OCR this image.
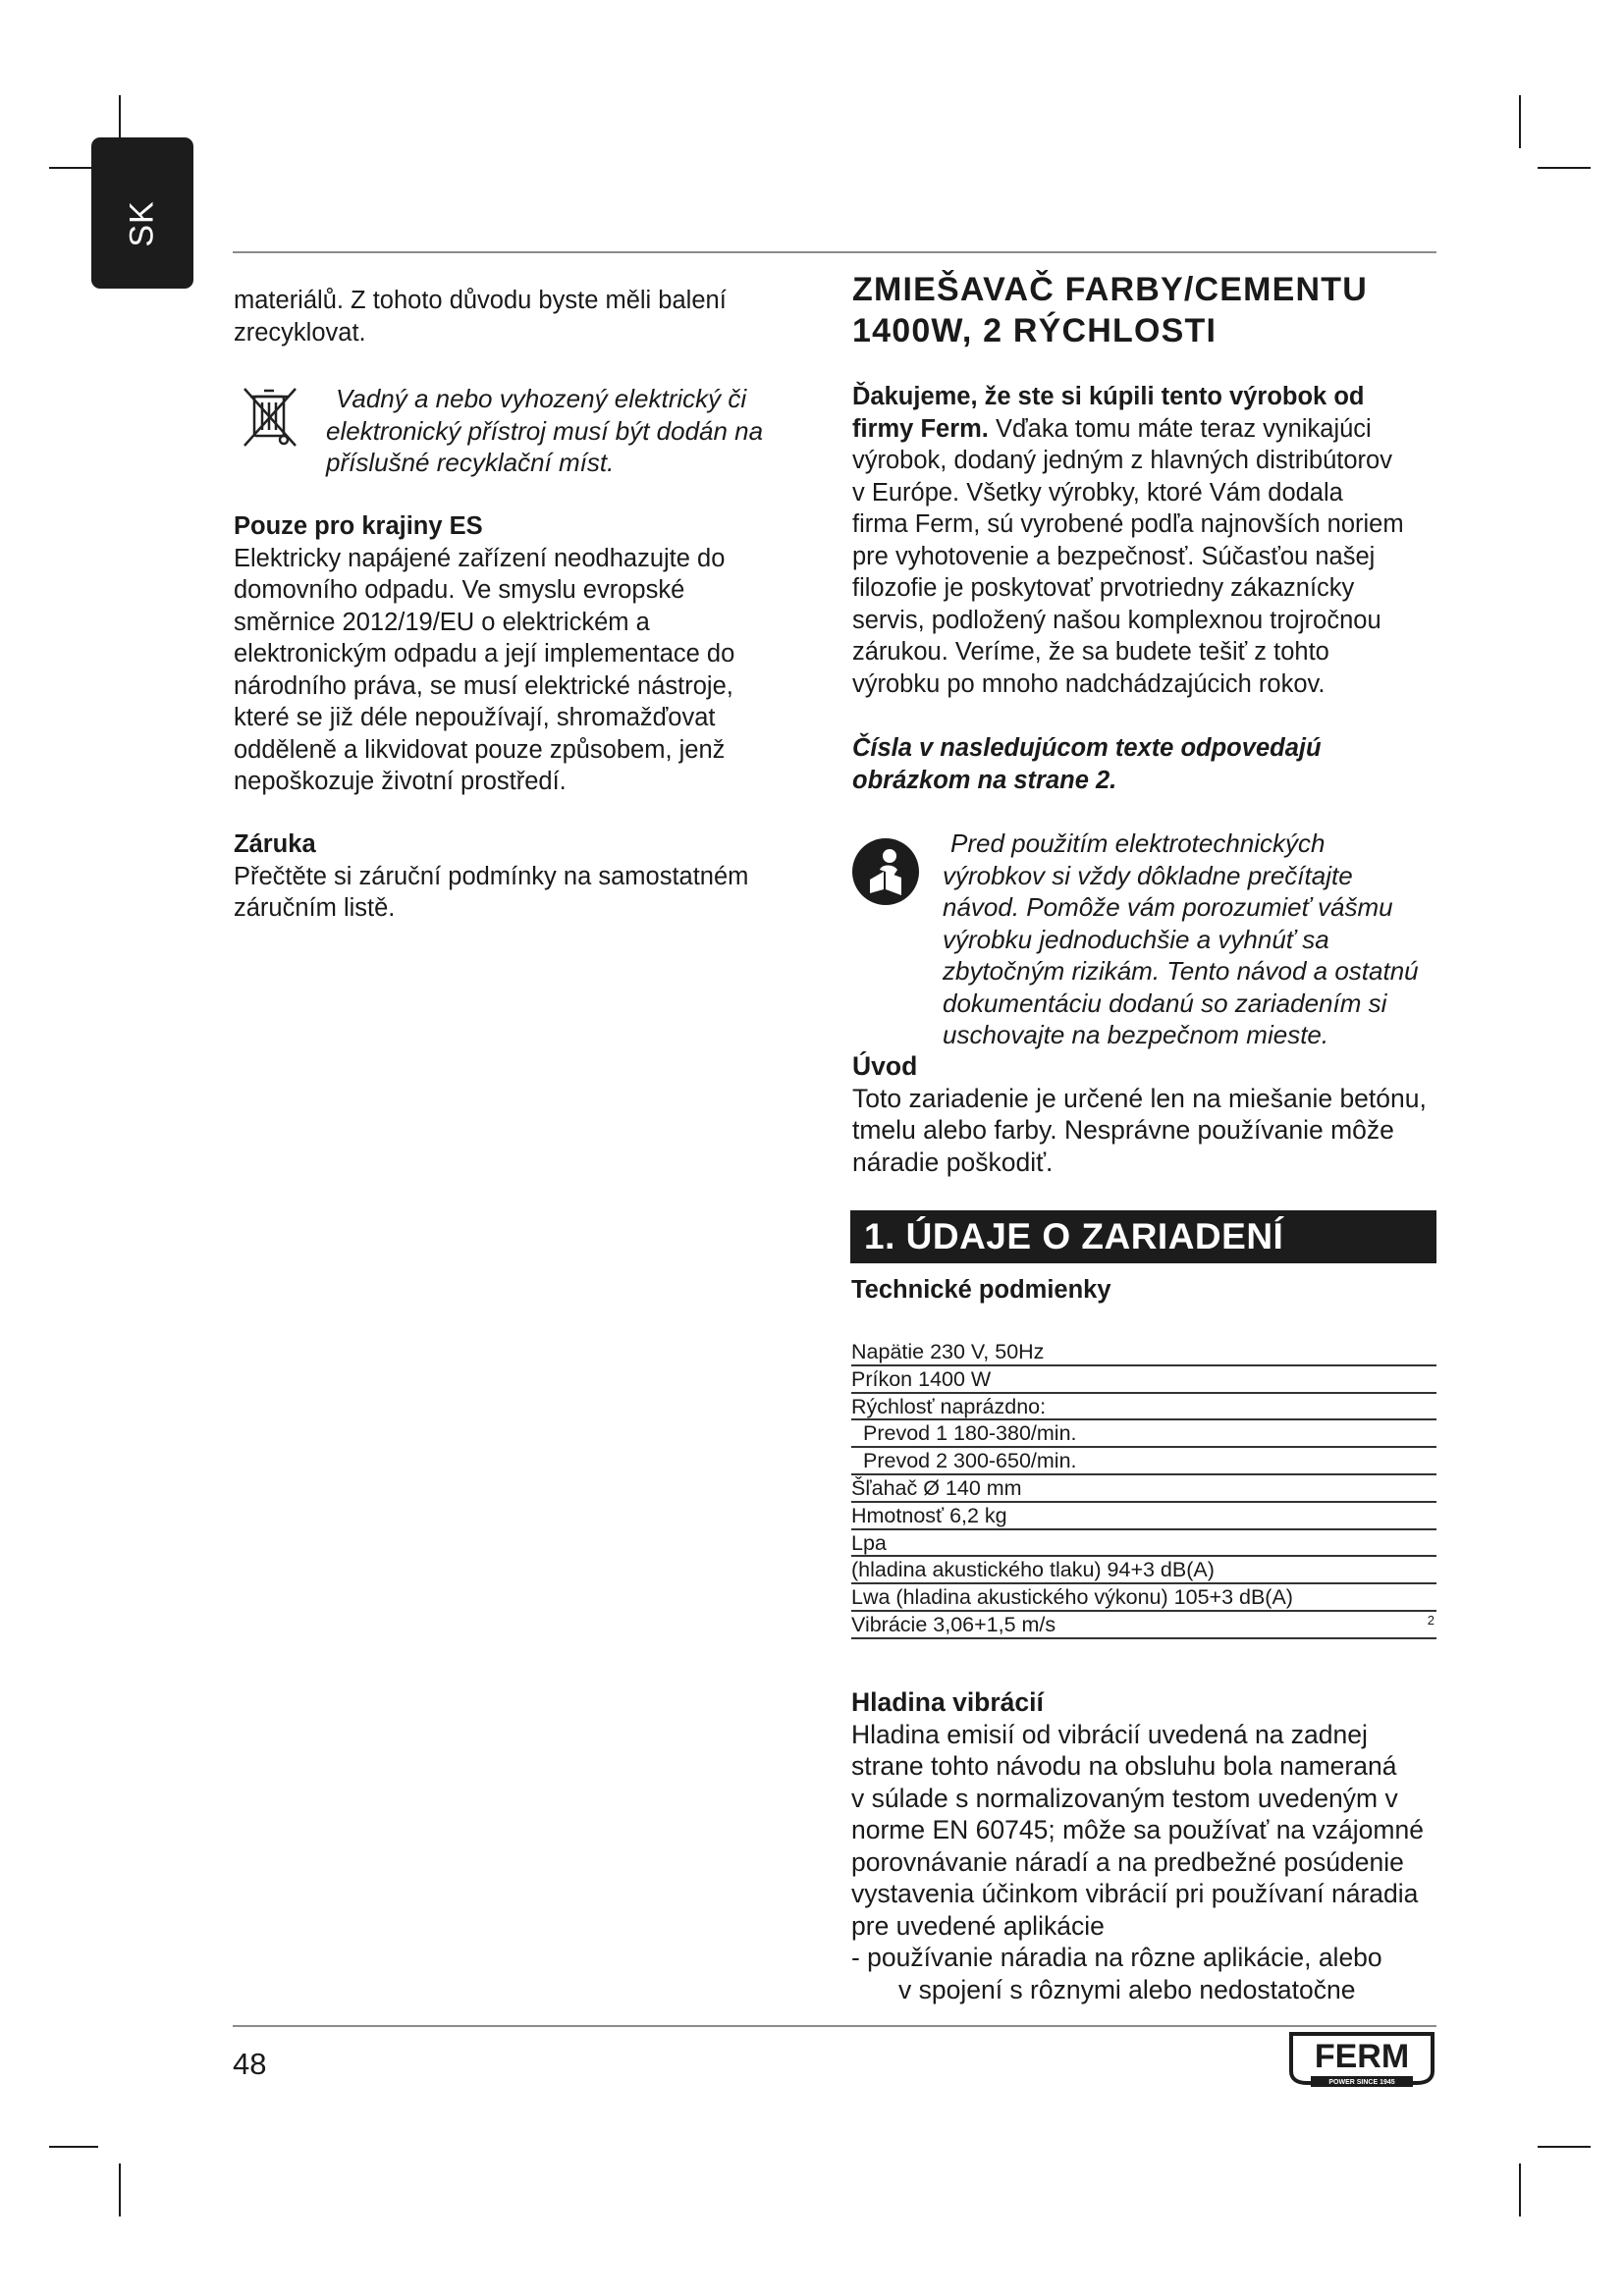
SK

materiálů. Z tohoto důvodu byste měli balení

zrecyklovat.

Vadný a nebo vyhozený elektrický či

elektronický přístroj musí být dodán na

příslušné recyklační míst.

Pouze pro krajiny ES

Elektricky napájené zařízení neodhazujte do

domovního odpadu. Ve smyslu evropské

směrnice 2012/19/EU o elektrickém a

elektronickým odpadu a její implementace do

národního práva, se musí elektrické nástroje,

které se již déle nepoužívají, shromažďovat

odděleně a likvidovat pouze způsobem, jenž

nepoškozuje životní prostředí.

Záruka

Přečtěte si záruční podmínky na samostatném

záručním listě.

ZMIEŠAVAČ FARBY/CEMENTU
1400W, 2 RÝCHLOSTI

Ďakujeme, že ste si kúpili tento výrobok od

firmy Ferm. Vďaka tomu máte teraz vynikajúci

výrobok, dodaný jedným z hlavných distribútorov

v Európe. Všetky výrobky, ktoré Vám dodala

firma Ferm, sú vyrobené podľa najnovších noriem

pre vyhotovenie a bezpečnosť. Súčasťou našej

filozofie je poskytovať prvotriedny zákaznícky

servis, podložený našou komplexnou trojročnou

zárukou. Veríme, že sa budete tešiť z tohto

výrobku po mnoho nadchádzajúcich rokov.

Čísla v nasledujúcom texte odpovedajú

obrázkom na strane 2.

Pred použitím elektrotechnických

výrobkov si vždy dôkladne prečítajte

návod. Pomôže vám porozumieť vášmu

výrobku jednoduchšie a vyhnúť sa

zbytočným rizikám. Tento návod a ostatnú

dokumentáciu dodanú so zariadením si

uschovajte na bezpečnom mieste.

Úvod

Toto zariadenie je určené len na miešanie betónu,

tmelu alebo farby. Nesprávne používanie môže

náradie poškodiť.

1. ÚDAJE O ZARIADENÍ
Technické podmienky
Napätie 230 V, 50Hz
Príkon 1400 W
Rýchlosť naprázdno:
Prevod 1 180-380/min.
Prevod 2 300-650/min.
Šľahač Ø 140 mm
Hmotnosť 6,2 kg
Lpa
(hladina akustického tlaku) 94+3 dB(A)
Lwa (hladina akustického výkonu) 105+3 dB(A)
Vibrácie 3,06+1,5 m/s	2

Hladina vibrácií

Hladina emisií od vibrácií uvedená na zadnej

strane tohto návodu na obsluhu bola nameraná

v súlade s normalizovaným testom uvedeným v

norme EN 60745; môže sa používať na vzájomné

porovnávanie náradí a na predbežné posúdenie

vystavenia účinkom vibrácií pri používaní náradia

pre uvedené aplikácie

- používanie náradia na rôzne aplikácie, alebo

v spojení s rôznymi alebo nedostatočne

48	FERM
POWER SINCE 1945
